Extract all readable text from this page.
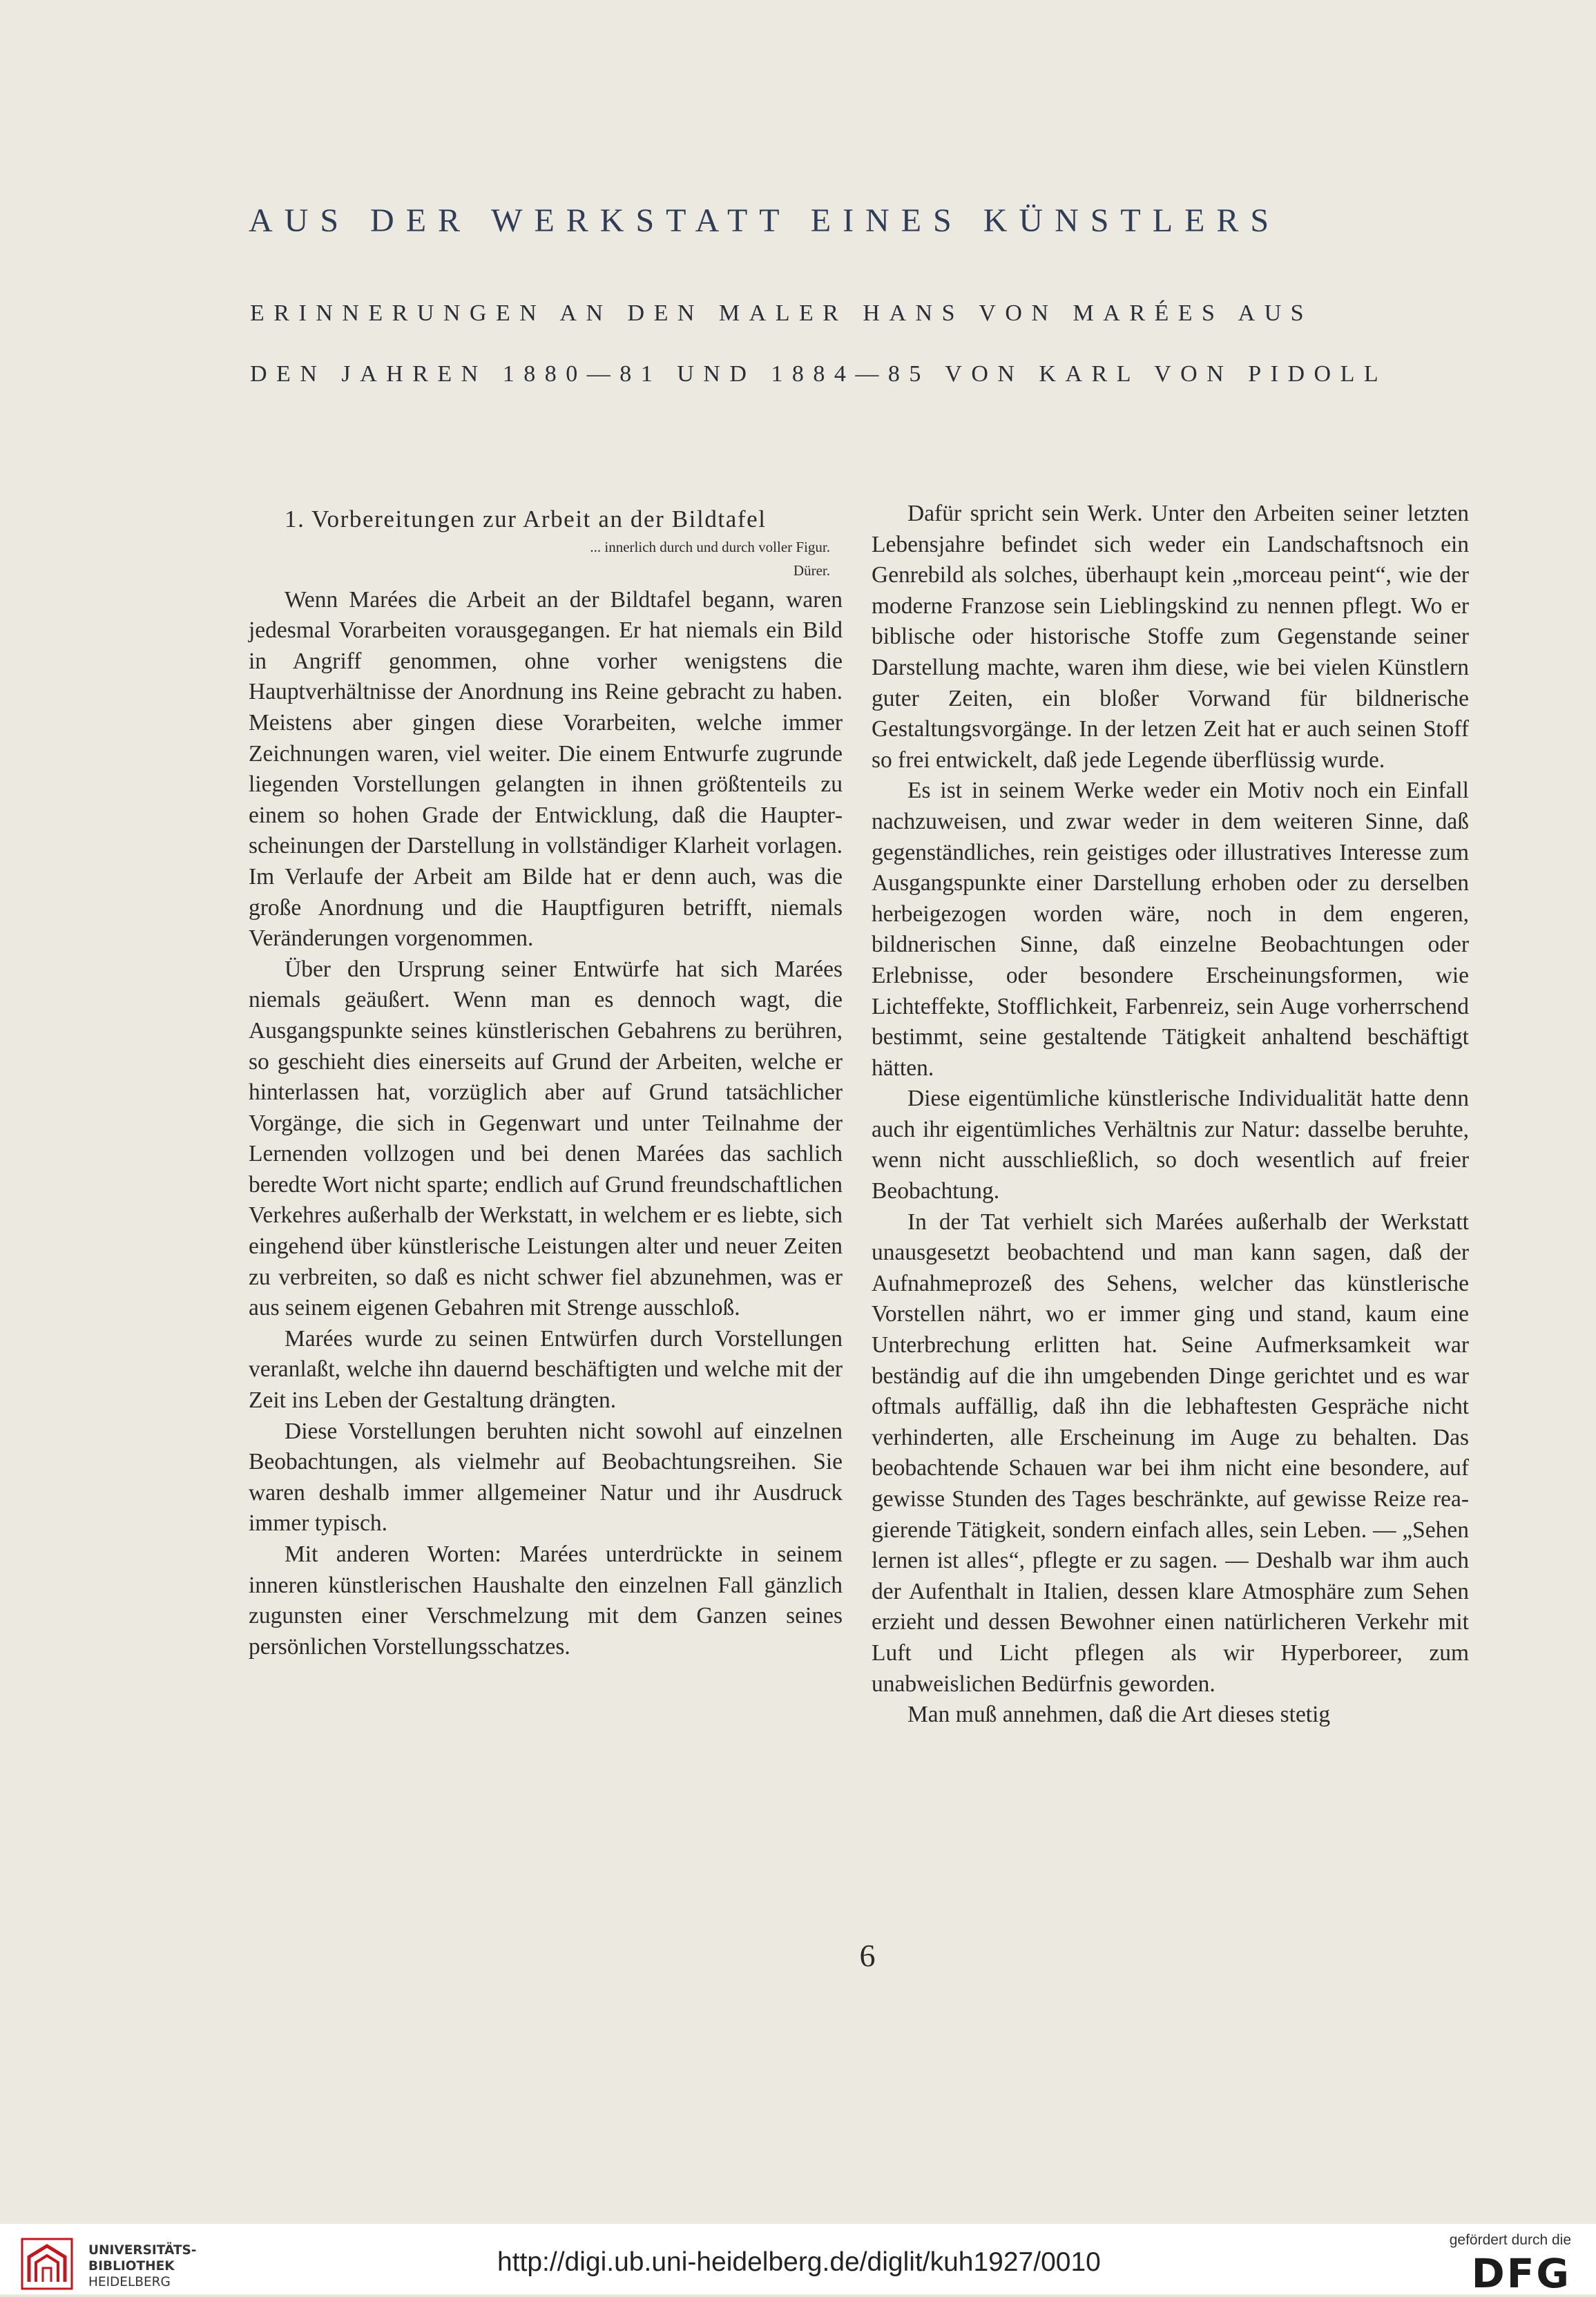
AUS DER WERKSTATT EINES KÜNSTLERS
ERINNERUNGEN AN DEN MALER HANS VON MARÉES AUS
DEN JAHREN 1880—81 UND 1884—85 VON KARL VON PIDOLL

1. Vorbereitungen zur Arbeit an der Bildtafel

... innerlich durch und durch voller Figur.
Dürer.

Wenn Marées die Arbeit an der Bildtafel begann, waren jedesmal Vorarbeiten vorausgegangen. Er hat niemals ein Bild in Angriff genommen, ohne vorher wenigstens die Hauptverhältnisse der Anordnung ins Reine gebracht zu haben. Meistens aber gingen diese Vorarbeiten, welche immer Zeichnungen waren, viel weiter. Die einem Entwurfe zugrunde liegenden Vorstellungen gelangten in ihnen größtenteils zu einem so hohen Grade der Entwicklung, daß die Haupterscheinungen der Darstellung in vollständiger Klarheit vorlagen. Im Verlaufe der Arbeit am Bilde hat er denn auch, was die große Anordnung und die Hauptfiguren betrifft, niemals Veränderungen vorgenommen.

Über den Ursprung seiner Entwürfe hat sich Marées niemals geäußert. Wenn man es dennoch wagt, die Ausgangspunkte seines künstlerischen Gebahrens zu berühren, so geschieht dies einerseits auf Grund der Arbeiten, welche er hinterlassen hat, vorzüglich aber auf Grund tatsächlicher Vorgänge, die sich in Gegenwart und unter Teilnahme der Lernenden vollzogen und bei denen Marées das sachlich beredte Wort nicht sparte; endlich auf Grund freundschaftlichen Verkehres außerhalb der Werkstatt, in welchem er es liebte, sich eingehend über künstlerische Leistungen alter und neuer Zeiten zu verbreiten, so daß es nicht schwer fiel abzunehmen, was er aus seinem eigenen Gebahren mit Strenge ausschloß.

Marées wurde zu seinen Entwürfen durch Vorstellungen veranlaßt, welche ihn dauernd beschäftigten und welche mit der Zeit ins Leben der Gestaltung drängten.

Diese Vorstellungen beruhten nicht sowohl auf einzelnen Beobachtungen, als vielmehr auf Beobachtungsreihen. Sie waren deshalb immer allgemeiner Natur und ihr Ausdruck immer typisch.

Mit anderen Worten: Marées unterdrückte in seinem inneren künstlerischen Haushalte den einzelnen Fall gänzlich zugunsten einer Verschmelzung mit dem Ganzen seines persönlichen Vorstellungsschatzes.

Dafür spricht sein Werk. Unter den Arbeiten seiner letzten Lebensjahre befindet sich weder ein Landschaftsnoch ein Genrebild als solches, überhaupt kein „morceau peint“, wie der moderne Franzose sein Lieblingskind zu nennen pflegt. Wo er biblische oder historische Stoffe zum Gegenstande seiner Darstellung machte, waren ihm diese, wie bei vielen Künstlern guter Zeiten, ein bloßer Vorwand für bildnerische Gestaltungsvorgänge. In der letzen Zeit hat er auch seinen Stoff so frei entwickelt, daß jede Legende überflüssig wurde.

Es ist in seinem Werke weder ein Motiv noch ein Einfall nachzuweisen, und zwar weder in dem weiteren Sinne, daß gegenständliches, rein geistiges oder illustratives Interesse zum Ausgangspunkte einer Darstellung erhoben oder zu derselben herbeigezogen worden wäre, noch in dem engeren, bildnerischen Sinne, daß einzelne Beobachtungen oder Erlebnisse, oder besondere Erscheinungsformen, wie Lichteffekte, Stofflichkeit, Farbenreiz, sein Auge vorherrschend bestimmt, seine gestaltende Tätigkeit anhaltend beschäftigt hätten.

Diese eigentümliche künstlerische Individualität hatte denn auch ihr eigentümliches Verhältnis zur Natur: dasselbe beruhte, wenn nicht ausschließlich, so doch wesentlich auf freier Beobachtung.

In der Tat verhielt sich Marées außerhalb der Werkstatt unausgesetzt beobachtend und man kann sagen, daß der Aufnahmeprozeß des Sehens, welcher das künstlerische Vorstellen nährt, wo er immer ging und stand, kaum eine Unterbrechung erlitten hat. Seine Aufmerksamkeit war beständig auf die ihn umgebenden Dinge gerichtet und es war oftmals auffällig, daß ihn die lebhaftesten Gespräche nicht verhinderten, alle Erscheinung im Auge zu behalten. Das beobachtende Schauen war bei ihm nicht eine besondere, auf gewisse Stunden des Tages beschränkte, auf gewisse Reize reagierende Tätigkeit, sondern einfach alles, sein Leben. — „Sehen lernen ist alles“, pflegte er zu sagen. — Deshalb war ihm auch der Aufenthalt in Italien, dessen klare Atmosphäre zum Sehen erzieht und dessen Bewohner einen natürlicheren Verkehr mit Luft und Licht pflegen als wir Hyperboreer, zum unabweislichen Bedürfnis geworden.

Man muß annehmen, daß die Art dieses stetig

6
UNIVERSITÄTS-
BIBLIOTHEK
HEIDELBERG
http://digi.ub.uni-heidelberg.de/diglit/kuh1927/0010
gefördert durch die
DFG
